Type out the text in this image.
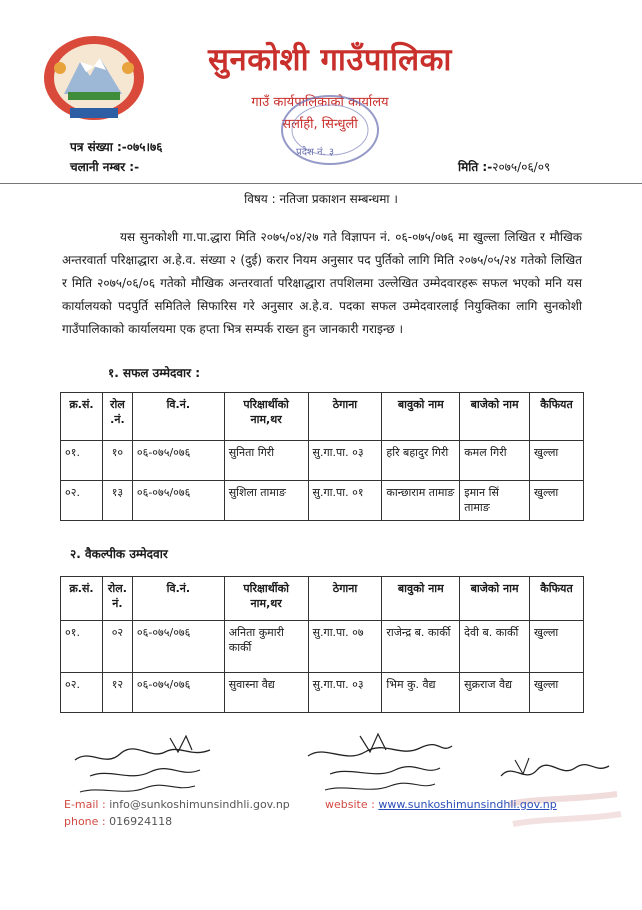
सुनकोशी गाउँपालिका
गाउँ कार्यपालिकाको कार्यालय
सर्लाही, सिन्धुली
प्रदेश नं. ३
पत्र संख्या :-०७५।७६
चलानी नम्बर :-	मिति :-२०७५/०६/०९
विषय : नतिजा प्रकाशन सम्बन्धमा ।
यस सुनकोशी गा.पा.द्धारा मिति २०७५/०४/२७ गते विज्ञापन नं. ०६-०७५/०७६ मा खुल्ला लिखित र मौखिक अन्तरवार्ता परिक्षाद्धारा अ.हे.व. संख्या २ (दुई) करार नियम अनुसार पद पुर्तिको लागि मिति २०७५/०५/२४ गतेको लिखित र मिति २०७५/०६/०६ गतेको मौखिक अन्तरवार्ता परिक्षाद्धारा तपशिलमा उल्लेखित उम्मेदवारहरू सफल भएको मनि यस कार्यालयको पदपुर्ति समितिले सिफारिस गरे अनुसार अ.हे.व. पदका सफल उम्मेदवारलाई नियुक्तिका लागि सुनकोशी गाउँपालिकाको कार्यालयमा एक हप्ता भित्र सम्पर्क राख्न हुन जानकारी गराइन्छ ।
१. सफल उम्मेदवार :
क्र.सं.	रोल .नं.	वि.नं.	परिक्षार्थीको नाम,थर	ठेगाना	बावुको नाम	बाजेको नाम	कैफियत
०१.	१०	०६-०७५/०७६	सुनिता गिरी	सु.गा.पा. ०३	हरि बहादुर गिरी	कमल गिरी	खुल्ला
०२.	१३	०६-०७५/०७६	सुशिला तामाङ	सु.गा.पा. ०१	कान्छाराम तामाङ	इमान सिं तामाङ	खुल्ला
२. वैकल्पीक उम्मेदवार
क्र.सं.	रोल. नं.	वि.नं.	परिक्षार्थीको नाम,थर	ठेगाना	बावुको नाम	बाजेको नाम	कैफियत
०१.	०२	०६-०७५/०७६	अनिता कुमारी कार्की	सु.गा.पा. ०७	राजेन्द्र ब. कार्की	देवी ब. कार्की	खुल्ला
०२.	१२	०६-०७५/०७६	सुवास्ना वैद्य	सु.गा.पा. ०३	भिम कु. वैद्य	सुक्रराज वैद्य	खुल्ला
E-mail : info@sunkoshimunsindhli.gov.np
phone : 016924118
website : www.sunkoshimunsindhli.gov.np
